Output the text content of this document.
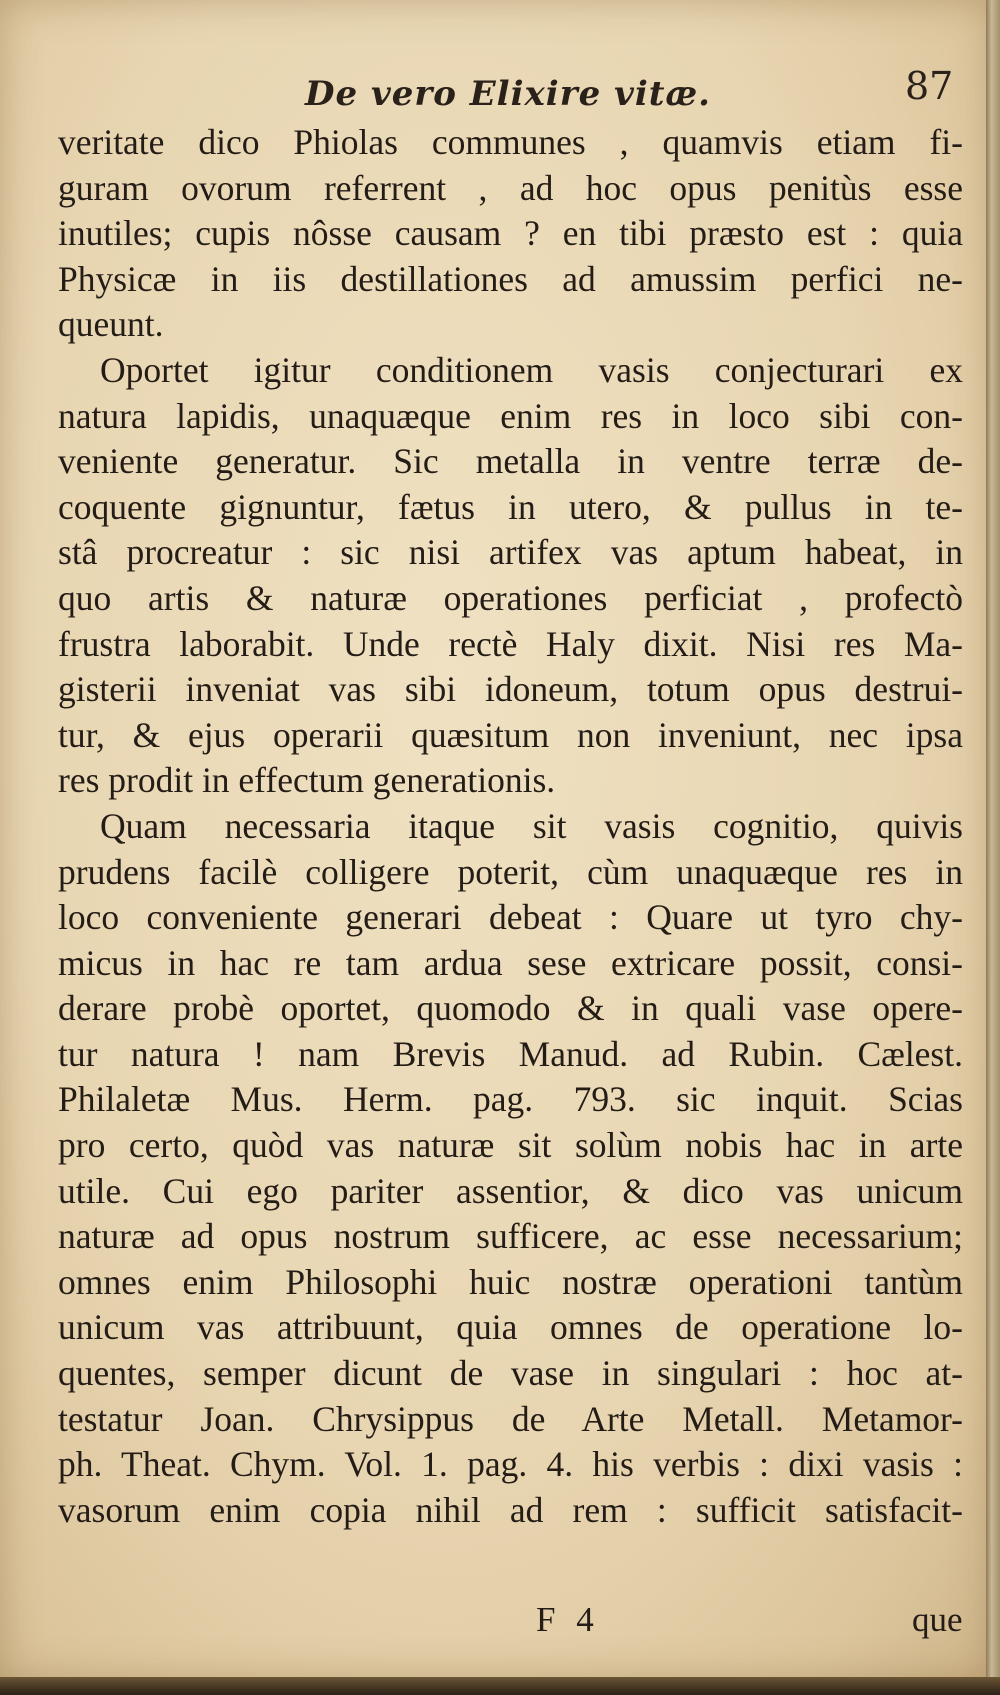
De vero Elixire vitæ.	87
veritate dico Phiolas communes , quamvis etiam fi-
guram ovorum referrent , ad hoc opus penitùs esse
inutiles; cupis nôsse causam ? en tibi præsto est : quia
Physicæ in iis destillationes ad amussim perfici ne-
queunt.
Oportet igitur conditionem vasis conjecturari ex
natura lapidis, unaquæque enim res in loco sibi con-
veniente generatur. Sic metalla in ventre terræ de-
coquente gignuntur, fætus in utero, & pullus in te-
stâ procreatur : sic nisi artifex vas aptum habeat, in
quo artis & naturæ operationes perficiat , profectò
frustra laborabit. Unde rectè Haly dixit. Nisi res Ma-
gisterii inveniat vas sibi idoneum, totum opus destrui-
tur, & ejus operarii quæsitum non inveniunt, nec ipsa
res prodit in effectum generationis.
Quam necessaria itaque sit vasis cognitio, quivis
prudens facilè colligere poterit, cùm unaquæque res in
loco conveniente generari debeat : Quare ut tyro chy-
micus in hac re tam ardua sese extricare possit, consi-
derare probè oportet, quomodo & in quali vase opere-
tur natura ! nam Brevis Manud. ad Rubin. Cælest.
Philaletæ Mus. Herm. pag. 793. sic inquit. Scias
pro certo, quòd vas naturæ sit solùm nobis hac in arte
utile. Cui ego pariter assentior, & dico vas unicum
naturæ ad opus nostrum sufficere, ac esse necessarium;
omnes enim Philosophi huic nostræ operationi tantùm
unicum vas attribuunt, quia omnes de operatione lo-
quentes, semper dicunt de vase in singulari : hoc at-
testatur Joan. Chrysippus de Arte Metall. Metamor-
ph. Theat. Chym. Vol. 1. pag. 4. his verbis : dixi vasis :
vasorum enim copia nihil ad rem : sufficit satisfacit-
F 4	que
